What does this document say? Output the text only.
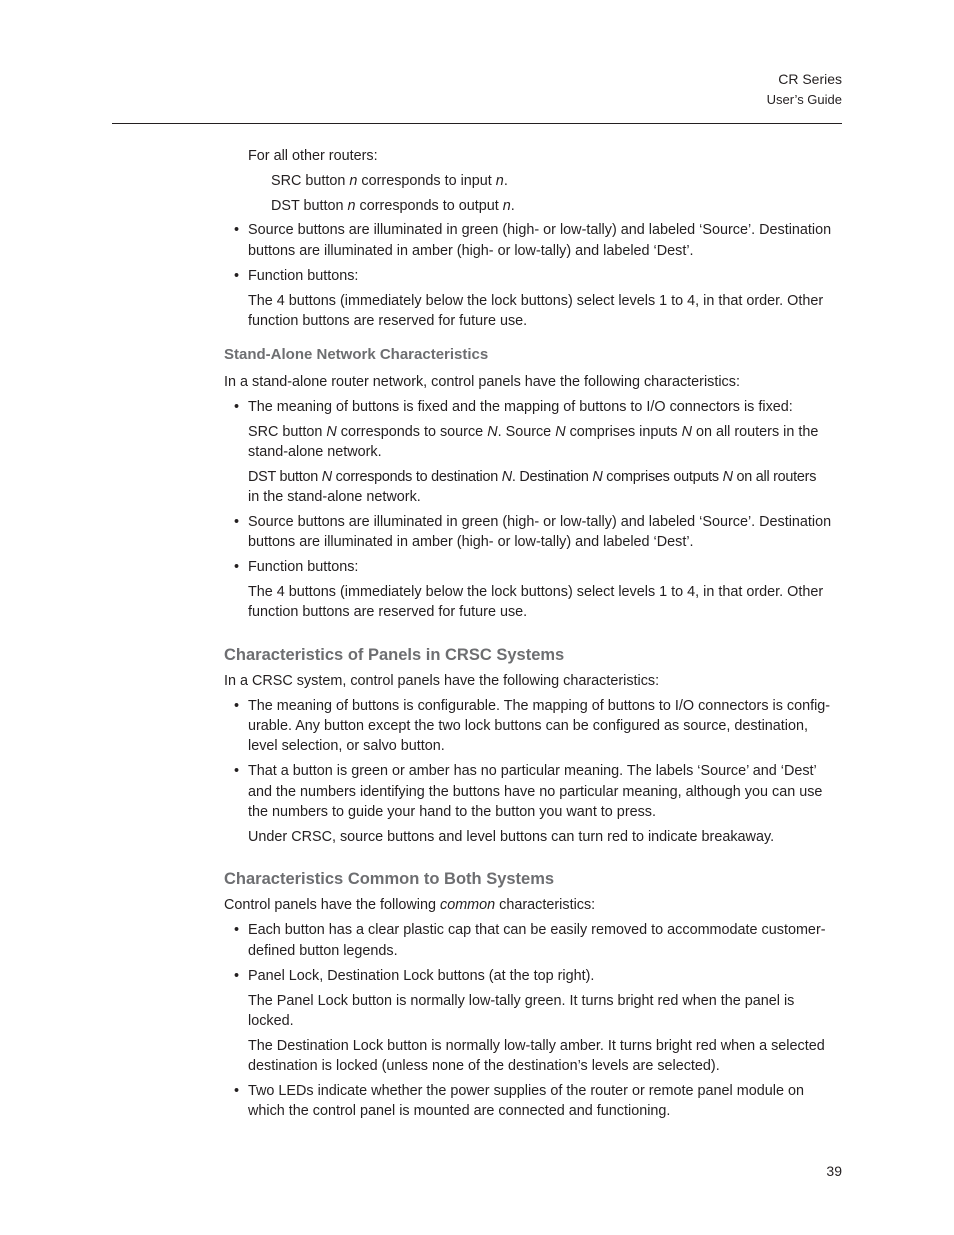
CR Series
User’s Guide
For all other routers:
SRC button n corresponds to input n.
DST button n corresponds to output n.
• Source buttons are illuminated in green (high- or low-tally) and labeled ‘Source’. Destination
buttons are illuminated in amber (high- or low-tally) and labeled ‘Dest’.
• Function buttons:
The 4 buttons (immediately below the lock buttons) select levels 1 to 4, in that order. Other
function buttons are reserved for future use.
Stand-Alone Network Characteristics
In a stand-alone router network, control panels have the following characteristics:
• The meaning of buttons is fixed and the mapping of buttons to I/O connectors is fixed:
SRC button N corresponds to source N. Source N comprises inputs N on all routers in the
stand-alone network.
DST button N corresponds to destination N. Destination N comprises outputs N on all routers
in the stand-alone network.
• Source buttons are illuminated in green (high- or low-tally) and labeled ‘Source’. Destination
buttons are illuminated in amber (high- or low-tally) and labeled ‘Dest’.
• Function buttons:
The 4 buttons (immediately below the lock buttons) select levels 1 to 4, in that order. Other
function buttons are reserved for future use.
Characteristics of Panels in CRSC Systems
In a CRSC system, control panels have the following characteristics:
• The meaning of buttons is configurable. The mapping of buttons to I/O connectors is config-
urable. Any button except the two lock buttons can be configured as source, destination,
level selection, or salvo button.
• That a button is green or amber has no particular meaning. The labels ‘Source’ and ‘Dest’
and the numbers identifying the buttons have no particular meaning, although you can use
the numbers to guide your hand to the button you want to press.
Under CRSC, source buttons and level buttons can turn red to indicate breakaway.
Characteristics Common to Both Systems
Control panels have the following common characteristics:
• Each button has a clear plastic cap that can be easily removed to accommodate customer-
defined button legends.
• Panel Lock, Destination Lock buttons (at the top right).
The Panel Lock button is normally low-tally green. It turns bright red when the panel is
locked.
The Destination Lock button is normally low-tally amber. It turns bright red when a selected
destination is locked (unless none of the destination’s levels are selected).
• Two LEDs indicate whether the power supplies of the router or remote panel module on
which the control panel is mounted are connected and functioning.
39
